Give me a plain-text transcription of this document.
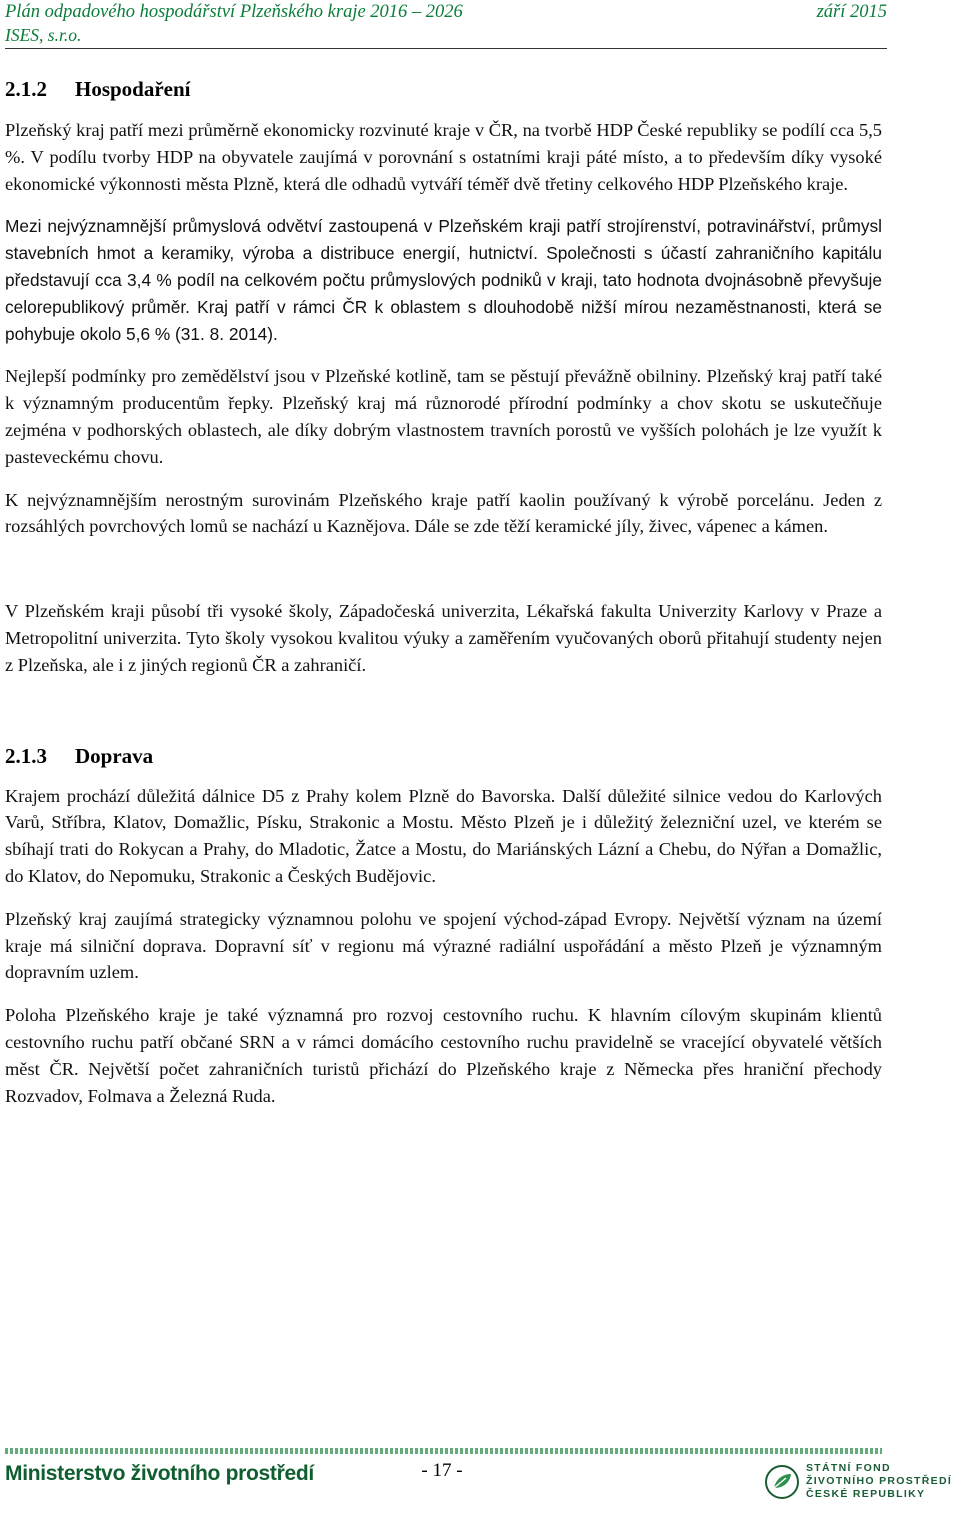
Plán odpadového hospodářství Plzeňského kraje 2016 – 2026	září 2015
ISES, s.r.o.
2.1.2 Hospodaření

Plzeňský kraj patří mezi průměrně ekonomicky rozvinuté kraje v ČR, na tvorbě HDP České republiky se podílí cca 5,5 %. V podílu tvorby HDP na obyvatele zaujímá v porovnání s ostatními kraji páté místo, a to především díky vysoké ekonomické výkonnosti města Plzně, která dle odhadů vytváří téměř dvě třetiny celkového HDP Plzeňského kraje.

Mezi nejvýznamnější průmyslová odvětví zastoupená v Plzeňském kraji patří strojírenství, potravinářství, průmysl stavebních hmot a keramiky, výroba a distribuce energií, hutnictví. Společnosti s účastí zahraničního kapitálu představují cca 3,4 % podíl na celkovém počtu průmyslových podniků v kraji, tato hodnota dvojnásobně převyšuje celorepublikový průměr. Kraj patří v rámci ČR k oblastem s dlouhodobě nižší mírou nezaměstnanosti, která se pohybuje okolo 5,6 % (31. 8. 2014).

Nejlepší podmínky pro zemědělství jsou v Plzeňské kotlině, tam se pěstují převážně obilniny. Plzeňský kraj patří také k významným producentům řepky. Plzeňský kraj má různorodé přírodní podmínky a chov skotu se uskutečňuje zejména v podhorských oblastech, ale díky dobrým vlastnostem travních porostů ve vyšších polohách je lze využít k pasteveckému chovu.

K nejvýznamnějším nerostným surovinám Plzeňského kraje patří kaolin používaný k výrobě porcelánu. Jeden z rozsáhlých povrchových lomů se nachází u Kaznějova. Dále se zde těží keramické jíly, živec, vápenec a kámen.

V Plzeňském kraji působí tři vysoké školy, Západočeská univerzita, Lékařská fakulta Univerzity Karlovy v Praze a Metropolitní univerzita. Tyto školy vysokou kvalitou výuky a zaměřením vyučovaných oborů přitahují studenty nejen z Plzeňska, ale i z jiných regionů ČR a zahraničí.

2.1.3 Doprava

Krajem prochází důležitá dálnice D5 z Prahy kolem Plzně do Bavorska. Další důležité silnice vedou do Karlových Varů, Stříbra, Klatov, Domažlic, Písku, Strakonic a Mostu. Město Plzeň je i důležitý železniční uzel, ve kterém se sbíhají trati do Rokycan a Prahy, do Mladotic, Žatce a Mostu, do Mariánských Lázní a Chebu, do Nýřan a Domažlic, do Klatov, do Nepomuku, Strakonic a Českých Budějovic.

Plzeňský kraj zaujímá strategicky významnou polohu ve spojení východ-západ Evropy. Největší význam na území kraje má silniční doprava. Dopravní síť v regionu má výrazné radiální uspořádání a město Plzeň je významným dopravním uzlem.

Poloha Plzeňského kraje je také významná pro rozvoj cestovního ruchu. K hlavním cílovým skupinám klientů cestovního ruchu patří občané SRN a v rámci domácího cestovního ruchu pravidelně se vracející obyvatelé větších měst ČR. Největší počet zahraničních turistů přichází do Plzeňského kraje z Německa přes hraniční přechody Rozvadov, Folmava a Železná Ruda.

Ministerstvo životního prostředí	- 17 -	STÁTNÍ FOND
ŽIVOTNÍHO PROSTŘEDÍ
ČESKÉ REPUBLIKY
